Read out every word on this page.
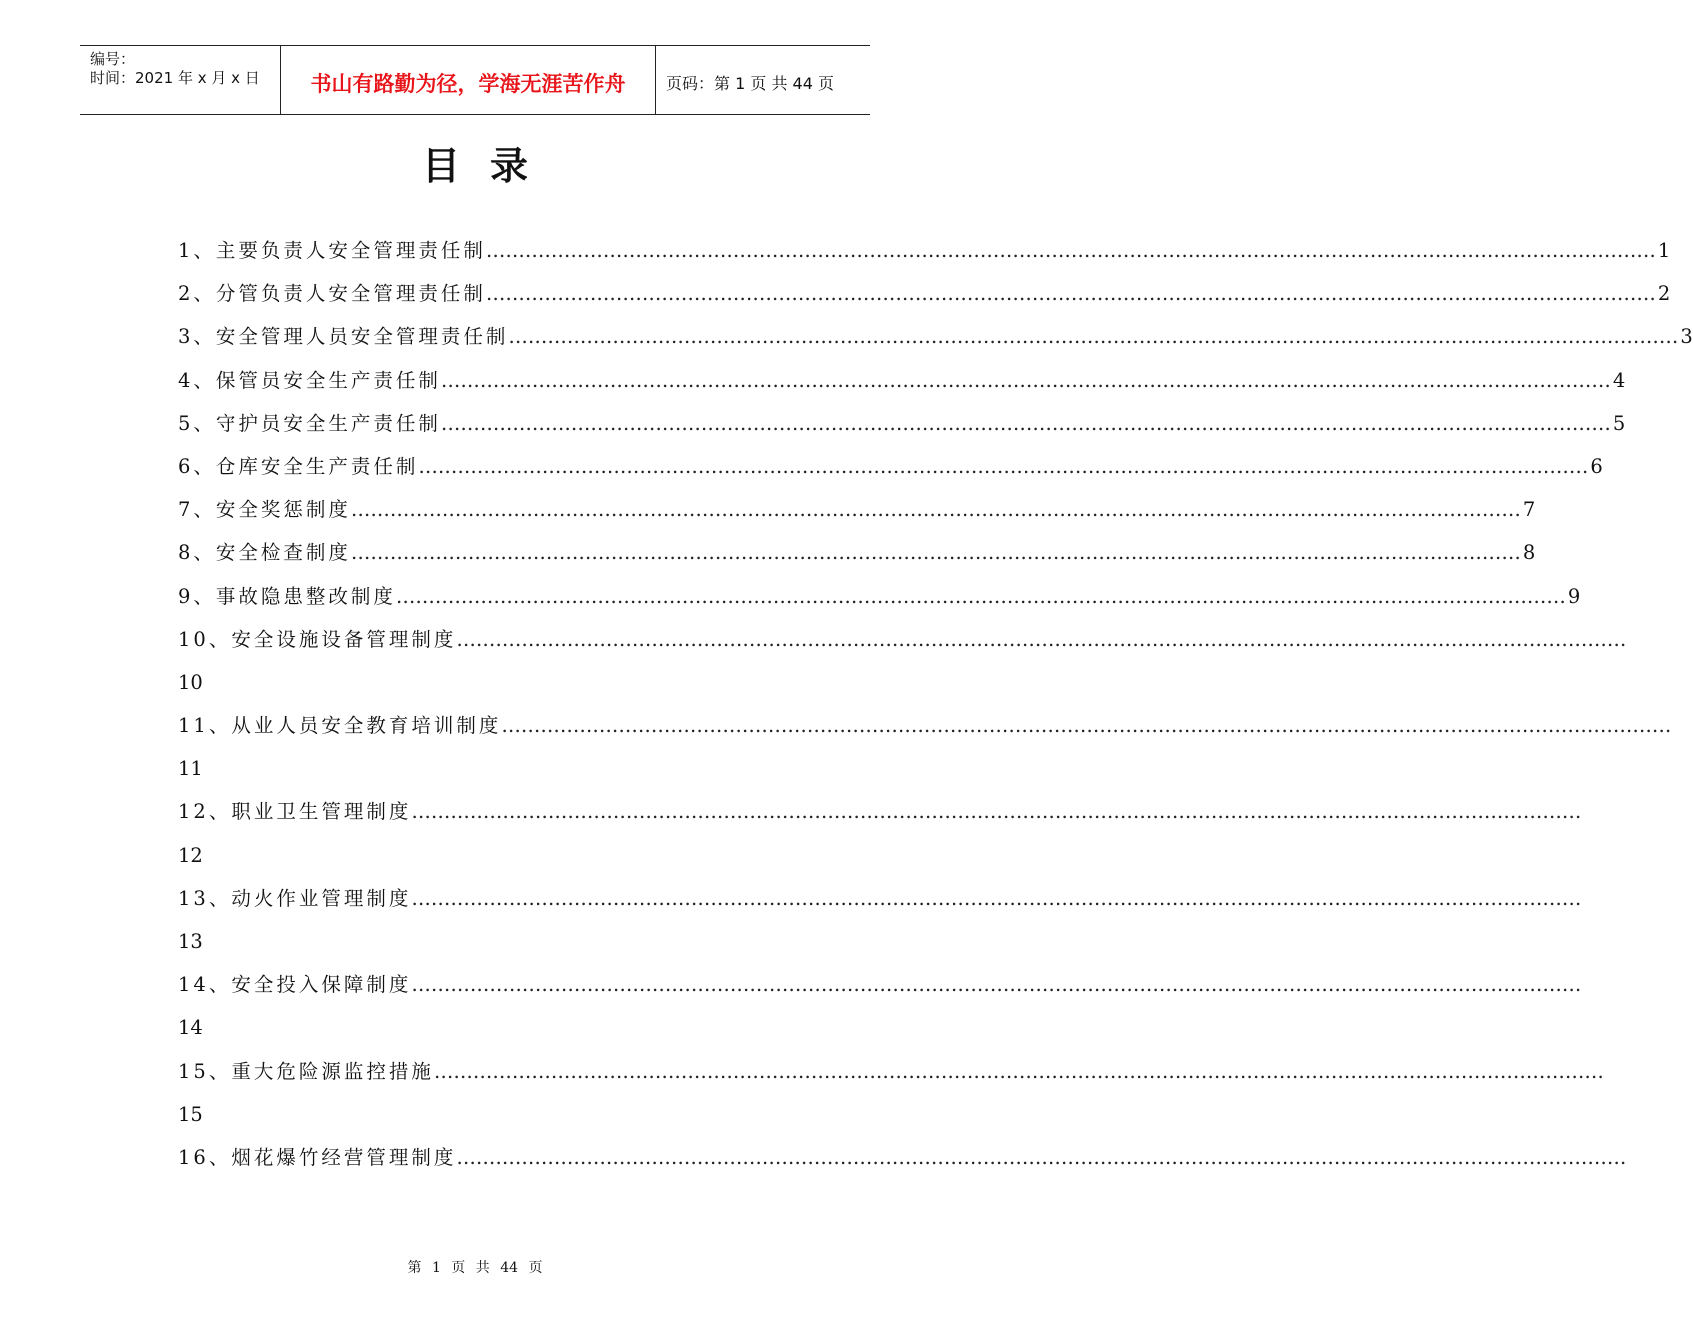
编号：
时间：2021 年 x 月 x 日	书山有路勤为径，学海无涯苦作舟	页码：第 1 页 共 44 页
目录
1、主要负责人安全管理责任制 ……………………………………………………………………………………………………………………………………………………………… 1
2、分管负责人安全管理责任制 ……………………………………………………………………………………………………………………………………………………………… 2
3、安全管理人员安全管理责任制 ……………………………………………………………………………………………………………………………………………………………… 3
4、保管员安全生产责任制 ……………………………………………………………………………………………………………………………………………………………… 4
5、守护员安全生产责任制 ……………………………………………………………………………………………………………………………………………………………… 5
6、仓库安全生产责任制 ……………………………………………………………………………………………………………………………………………………………… 6
7、安全奖惩制度 ……………………………………………………………………………………………………………………………………………………………… 7
8、安全检查制度 ……………………………………………………………………………………………………………………………………………………………… 8
9、事故隐患整改制度 ……………………………………………………………………………………………………………………………………………………………… 9
10、安全设施设备管理制度 ………………………………………………………………………………………………………………………………………………………………
10
11、从业人员安全教育培训制度 ………………………………………………………………………………………………………………………………………………………………
11
12、职业卫生管理制度 ………………………………………………………………………………………………………………………………………………………………
12
13、动火作业管理制度 ………………………………………………………………………………………………………………………………………………………………
13
14、安全投入保障制度 ………………………………………………………………………………………………………………………………………………………………
14
15、重大危险源监控措施 ………………………………………………………………………………………………………………………………………………………………
15
16、烟花爆竹经营管理制度 ………………………………………………………………………………………………………………………………………………………………
第 1 页 共 44 页
